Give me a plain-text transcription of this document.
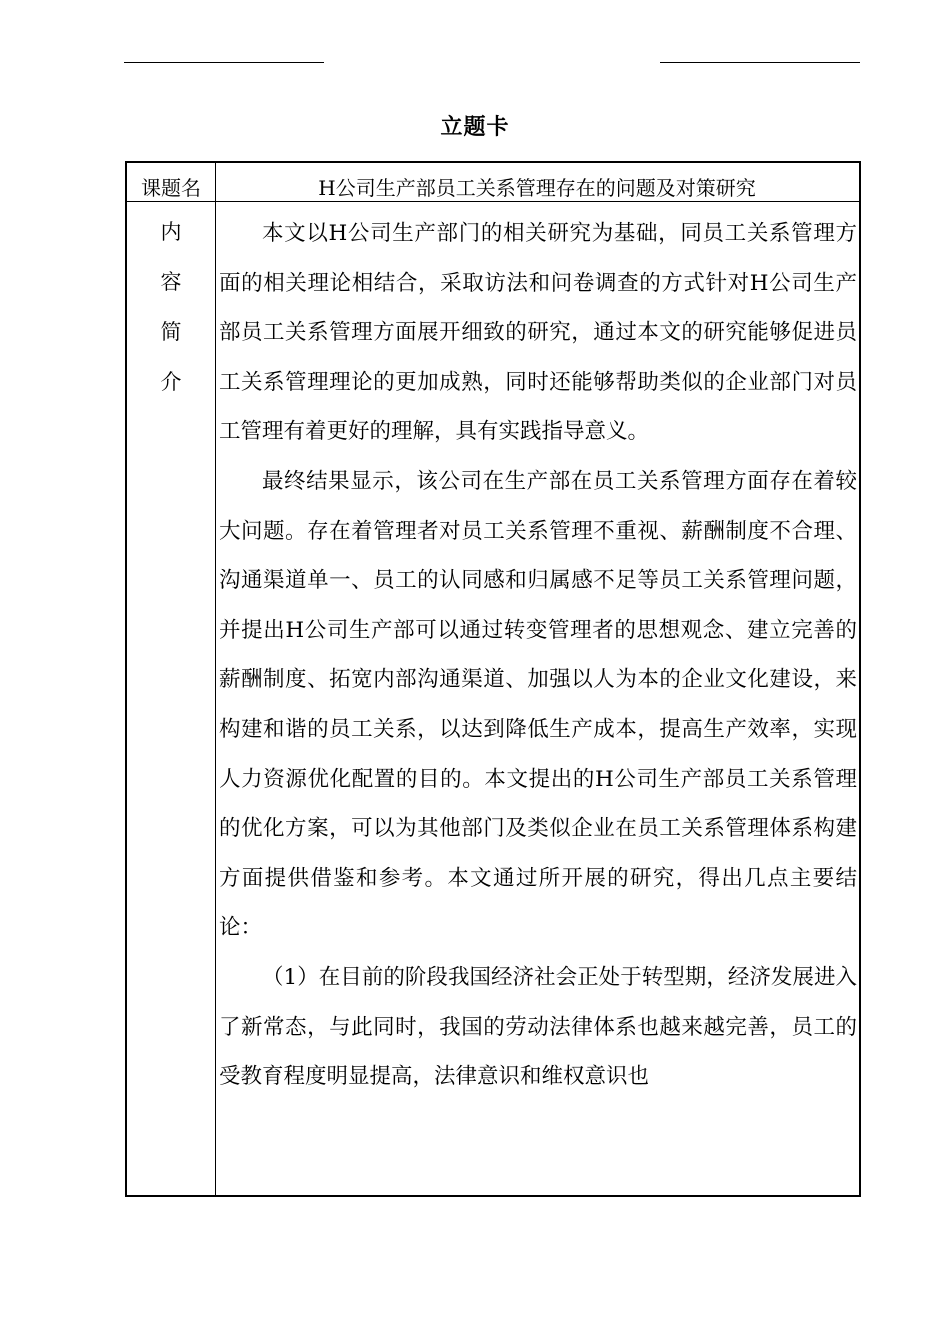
立题卡
课题名	H公司生产部员工关系管理存在的问题及对策研究
内
容
简
介

本文以H公司生产部门的相关研究为基础，同员工关系管理方面的相关理论相结合，采取访法和问卷调查的方式针对H公司生产部员工关系管理方面展开细致的研究，通过本文的研究能够促进员工关系管理理论的更加成熟，同时还能够帮助类似的企业部门对员工管理有着更好的理解，具有实践指导意义。

最终结果显示，该公司在生产部在员工关系管理方面存在着较大问题。存在着管理者对员工关系管理不重视、薪酬制度不合理、沟通渠道单一、员工的认同感和归属感不足等员工关系管理问题，并提出H公司生产部可以通过转变管理者的思想观念、建立完善的薪酬制度、拓宽内部沟通渠道、加强以人为本的企业文化建设，来构建和谐的员工关系，以达到降低生产成本，提高生产效率，实现人力资源优化配置的目的。本文提出的H公司生产部员工关系管理的优化方案，可以为其他部门及类似企业在员工关系管理体系构建方面提供借鉴和参考。本文通过所开展的研究，得出几点主要结论：

（1）在目前的阶段我国经济社会正处于转型期，经济发展进入了新常态，与此同时，我国的劳动法律体系也越来越完善，员工的受教育程度明显提高，法律意识和维权意识也
